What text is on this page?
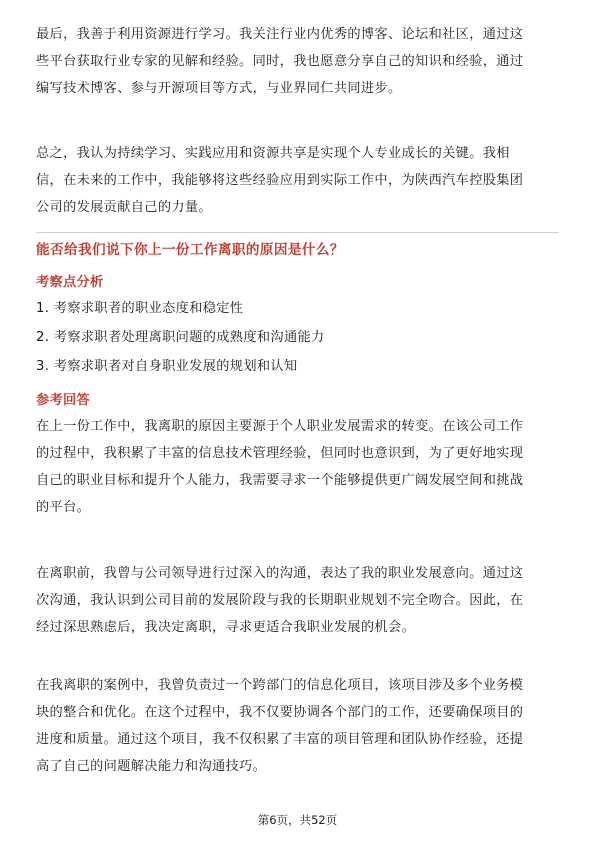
最后，我善于利用资源进行学习。我关注行业内优秀的博客、论坛和社区，通过这
些平台获取行业专家的见解和经验。同时，我也愿意分享自己的知识和经验，通过
编写技术博客、参与开源项目等方式，与业界同仁共同进步。

总之，我认为持续学习、实践应用和资源共享是实现个人专业成长的关键。我相
信，在未来的工作中，我能够将这些经验应用到实际工作中，为陕西汽车控股集团
公司的发展贡献自己的力量。

能否给我们说下你上一份工作离职的原因是什么？
考察点分析
1. 考察求职者的职业态度和稳定性
2. 考察求职者处理离职问题的成熟度和沟通能力
3. 考察求职者对自身职业发展的规划和认知
参考回答

在上一份工作中，我离职的原因主要源于个人职业发展需求的转变。在该公司工作
的过程中，我积累了丰富的信息技术管理经验，但同时也意识到，为了更好地实现
自己的职业目标和提升个人能力，我需要寻求一个能够提供更广阔发展空间和挑战
的平台。

在离职前，我曾与公司领导进行过深入的沟通，表达了我的职业发展意向。通过这
次沟通，我认识到公司目前的发展阶段与我的长期职业规划不完全吻合。因此，在
经过深思熟虑后，我决定离职，寻求更适合我职业发展的机会。

在我离职的案例中，我曾负责过一个跨部门的信息化项目，该项目涉及多个业务模
块的整合和优化。在这个过程中，我不仅要协调各个部门的工作，还要确保项目的
进度和质量。通过这个项目，我不仅积累了丰富的项目管理和团队协作经验，还提
高了自己的问题解决能力和沟通技巧。

第6页，共52页
